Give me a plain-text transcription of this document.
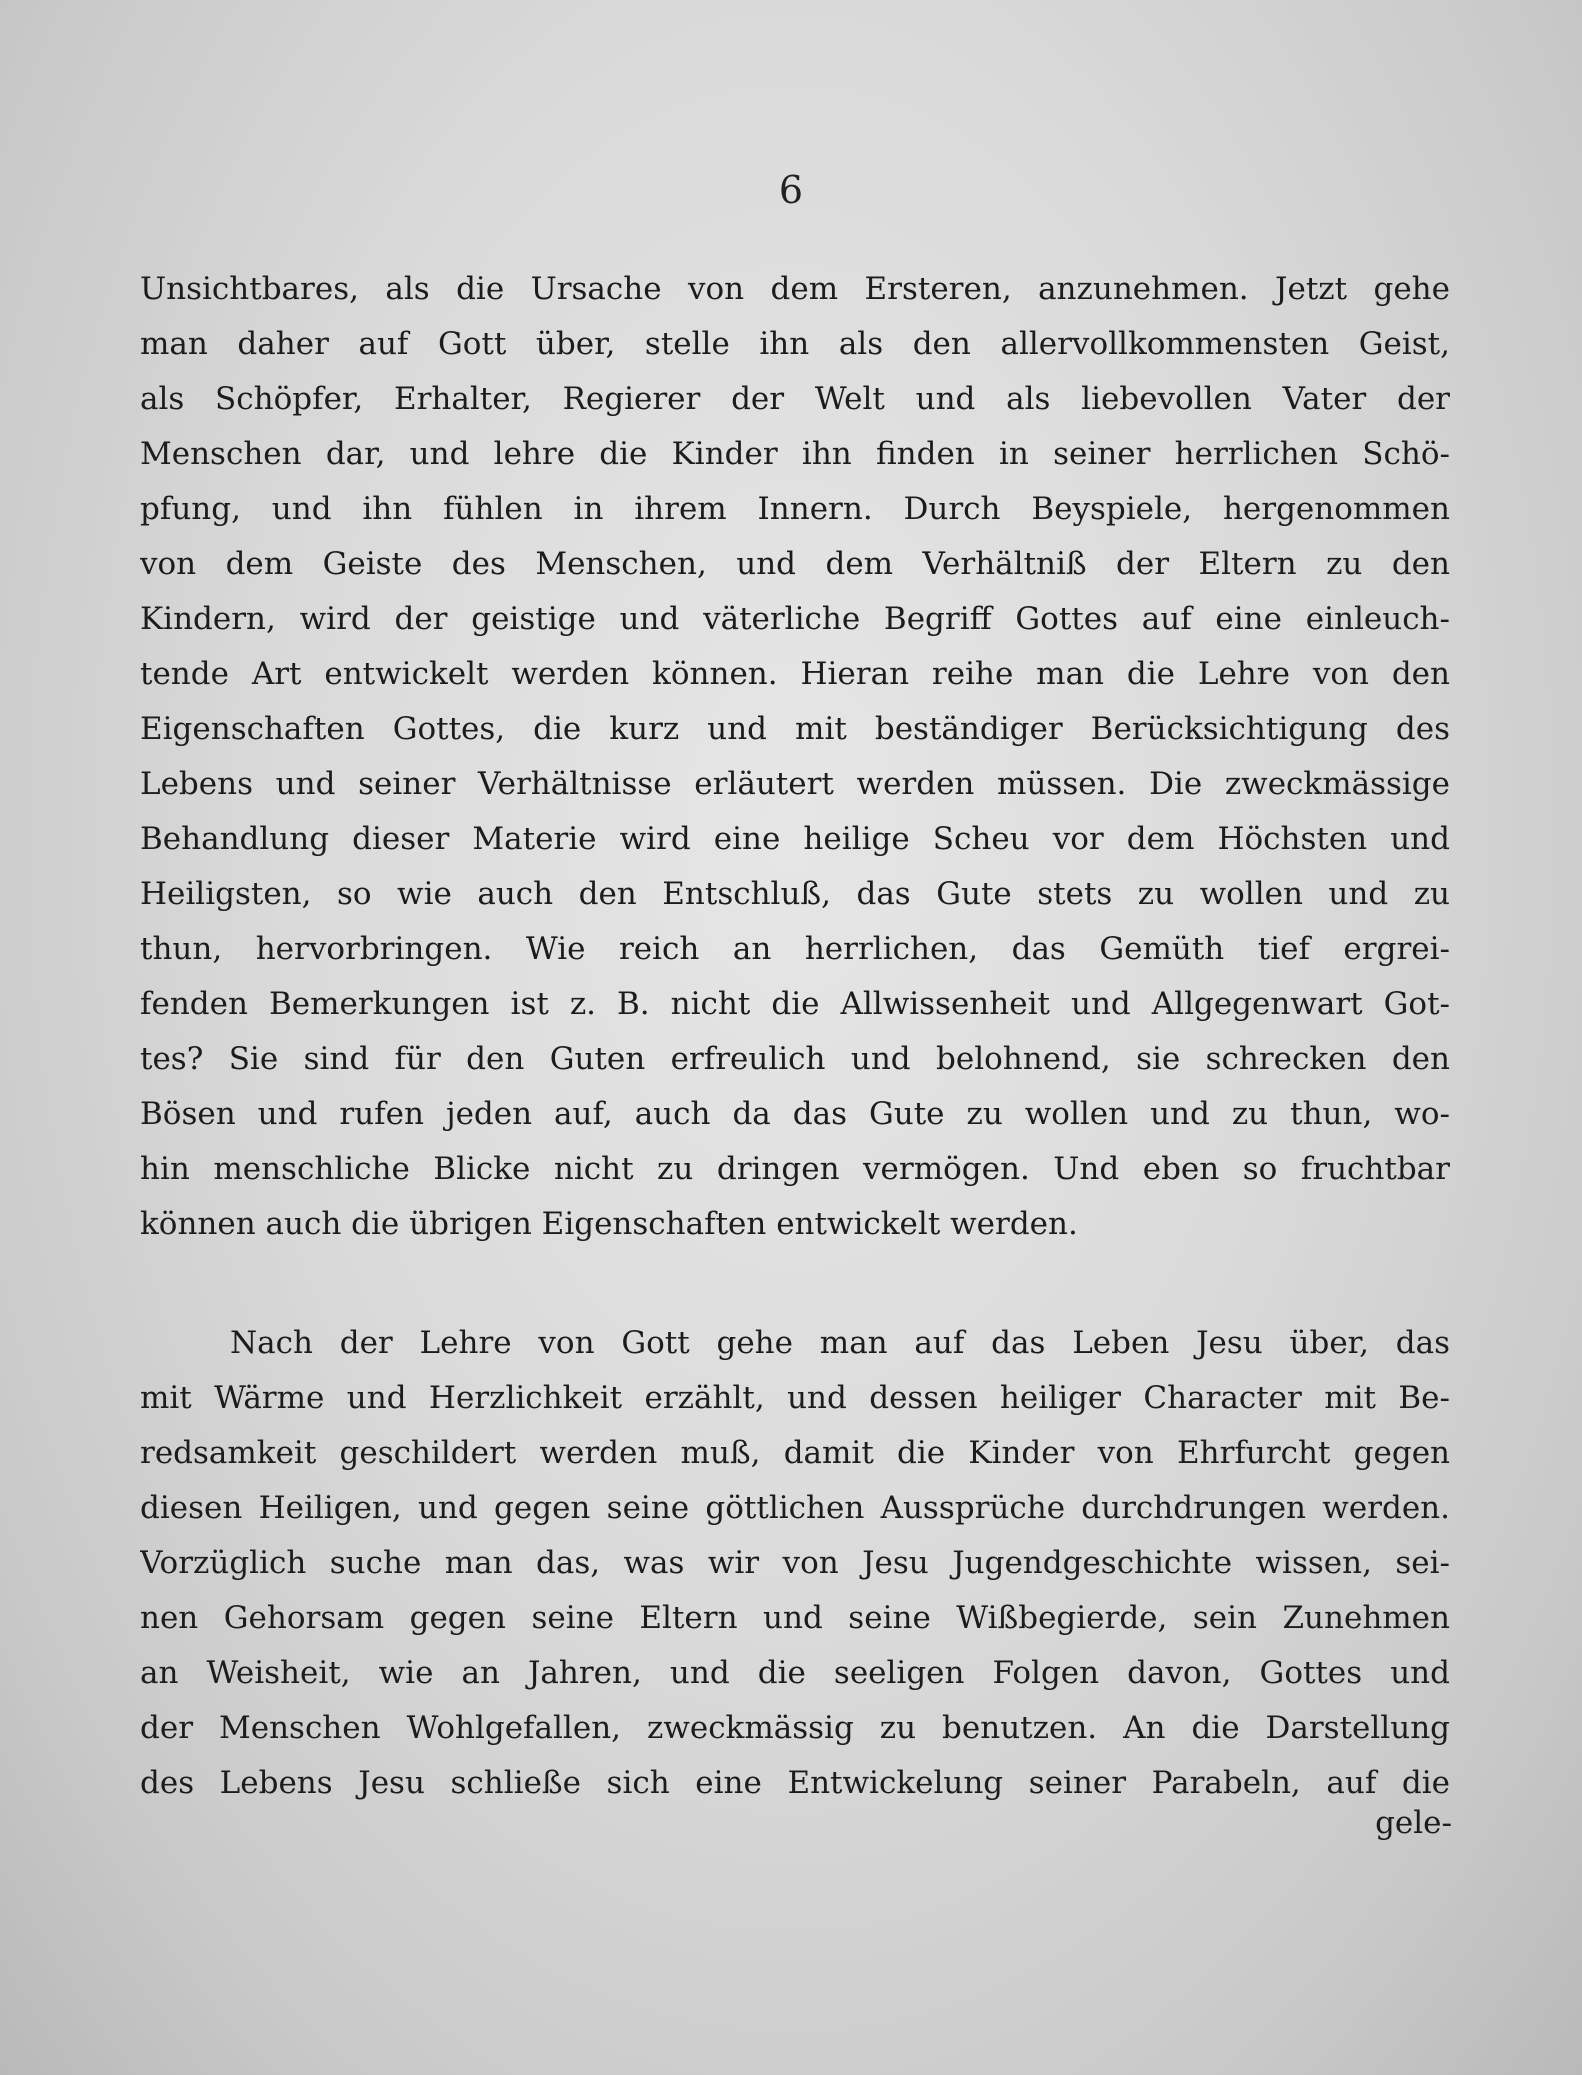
6
Unsichtbares, als die Ursache von dem Ersteren, anzunehmen. Jetzt gehe
man daher auf Gott über, stelle ihn als den allervollkommensten Geist,
als Schöpfer, Erhalter, Regierer der Welt und als liebevollen Vater der
Menschen dar, und lehre die Kinder ihn finden in seiner herrlichen Schö-
pfung, und ihn fühlen in ihrem Innern. Durch Beyspiele, hergenommen
von dem Geiste des Menschen, und dem Verhältniß der Eltern zu den
Kindern, wird der geistige und väterliche Begriff Gottes auf eine einleuch-
tende Art entwickelt werden können. Hieran reihe man die Lehre von den
Eigenschaften Gottes, die kurz und mit beständiger Berücksichtigung des
Lebens und seiner Verhältnisse erläutert werden müssen. Die zweckmässige
Behandlung dieser Materie wird eine heilige Scheu vor dem Höchsten und
Heiligsten, so wie auch den Entschluß, das Gute stets zu wollen und zu
thun, hervorbringen. Wie reich an herrlichen, das Gemüth tief ergrei-
fenden Bemerkungen ist z. B. nicht die Allwissenheit und Allgegenwart Got-
tes? Sie sind für den Guten erfreulich und belohnend, sie schrecken den
Bösen und rufen jeden auf, auch da das Gute zu wollen und zu thun, wo-
hin menschliche Blicke nicht zu dringen vermögen. Und eben so fruchtbar
können auch die übrigen Eigenschaften entwickelt werden.
Nach der Lehre von Gott gehe man auf das Leben Jesu über, das
mit Wärme und Herzlichkeit erzählt, und dessen heiliger Character mit Be-
redsamkeit geschildert werden muß, damit die Kinder von Ehrfurcht gegen
diesen Heiligen, und gegen seine göttlichen Aussprüche durchdrungen werden.
Vorzüglich suche man das, was wir von Jesu Jugendgeschichte wissen, sei-
nen Gehorsam gegen seine Eltern und seine Wißbegierde, sein Zunehmen
an Weisheit, wie an Jahren, und die seeligen Folgen davon, Gottes und
der Menschen Wohlgefallen, zweckmässig zu benutzen. An die Darstellung
des Lebens Jesu schließe sich eine Entwickelung seiner Parabeln, auf die
gele-
